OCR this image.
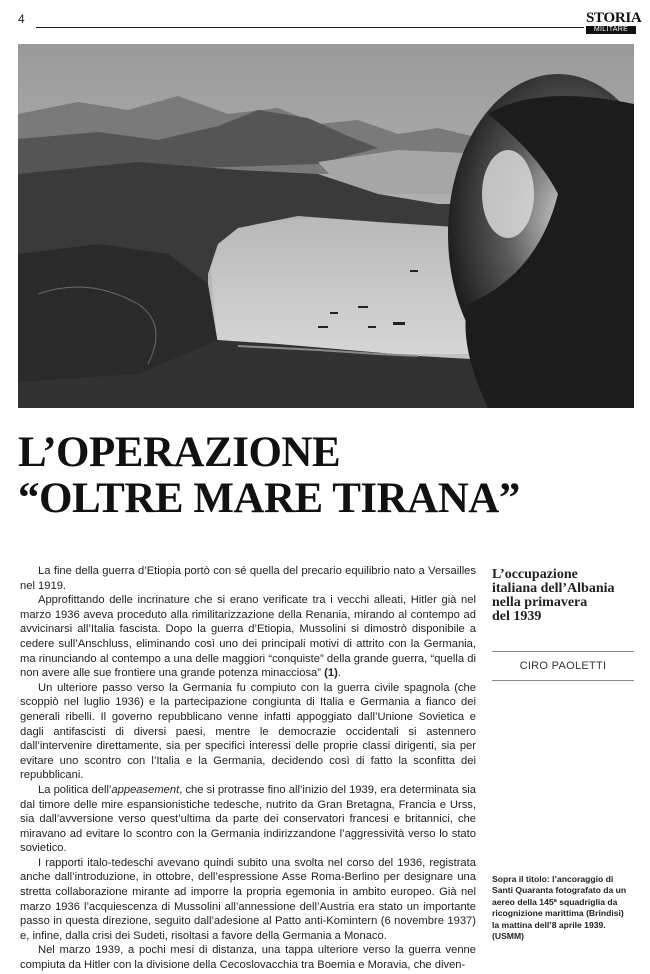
4	STORIA
MILITARE
L’OPERAZIONE
“OLTRE MARE TIRANA”

La fine della guerra d’Etiopia portò con sé quella del precario equilibrio nato a Versailles nel 1919.

Approfittando delle incrinature che si erano verificate tra i vecchi alleati, Hitler già nel marzo 1936 aveva proceduto alla rimilitarizzazione della Renania, mirando al contempo ad avvicinarsi all’Italia fascista. Dopo la guerra d’Etiopia, Mussolini si dimostrò disponibile a cedere sull’Anschluss, eliminando così uno dei principali motivi di attrito con la Germania, ma rinunciando al contempo a una delle maggiori “conquiste” della grande guerra, “quella di non avere alle sue frontiere una grande potenza minacciosa” (1).

Un ulteriore passo verso la Germania fu compiuto con la guerra civile spagnola (che scoppiò nel luglio 1936) e la partecipazione congiunta di Italia e Germania a fianco dei generali ribelli. Il governo repubblicano venne infatti appoggiato dall’Unione Sovietica e dagli antifascisti di diversi paesi, mentre le democrazie occidentali si astennero dall’intervenire direttamente, sia per specifici interessi delle proprie classi dirigenti, sia per evitare uno scontro con l’Italia e la Germania, decidendo così di fatto la sconfitta dei repubblicani.

La politica dell’appeasement, che si protrasse fino all’inizio del 1939, era determinata sia dal timore delle mire espansionistiche tedesche, nutrito da Gran Bretagna, Francia e Urss, sia dall’avversione verso quest’ultima da parte dei conservatori francesi e britannici, che miravano ad evitare lo scontro con la Germania indirizzandone l’aggressività verso lo stato sovietico.

I rapporti italo-tedeschi avevano quindi subito una svolta nel corso del 1936, registrata anche dall’introduzione, in ottobre, dell’espressione Asse Roma-Berlino per designare una stretta collaborazione mirante ad imporre la propria egemonia in ambito europeo. Già nel marzo 1936 l’acquiescenza di Mussolini all’annessione dell’Austria era stato un importante passo in questa direzione, seguito dall’adesione al Patto anti-Komintern (6 novembre 1937) e, infine, dalla crisi dei Sudeti, risoltasi a favore della Germania a Monaco.

Nel marzo 1939, a pochi mesi di distanza, una tappa ulteriore verso la guerra venne compiuta da Hitler con la divisione della Cecoslovacchia tra Boemia e Moravia, che diven-

L’occupazione
italiana dell’Albania
nella primavera
del 1939
CIRO PAOLETTI
Sopra il titolo: l’ancoraggio di
Santi Quaranta fotografato da un
aereo della 145ª squadriglia da
ricognizione marittima (Brindisi)
la mattina dell’8 aprile 1939.
(USMM)
